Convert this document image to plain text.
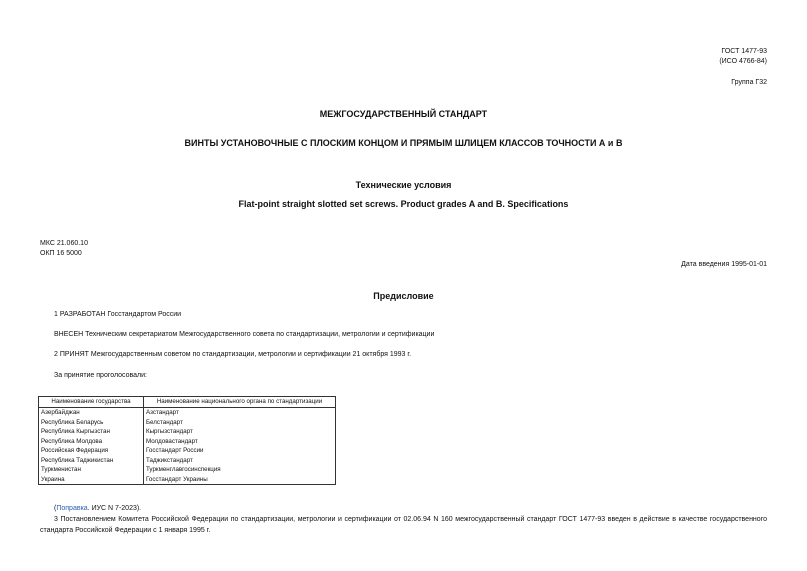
ГОСТ 1477-93
(ИСО 4766-84)
Группа Г32
МЕЖГОСУДАРСТВЕННЫЙ СТАНДАРТ
ВИНТЫ УСТАНОВОЧНЫЕ С ПЛОСКИМ КОНЦОМ И ПРЯМЫМ ШЛИЦЕМ КЛАССОВ ТОЧНОСТИ А и В
Технические условия
Flat-point straight slotted set screws. Product grades A and B. Specifications
МКС 21.060.10
ОКП 16 5000
Дата введения 1995-01-01
Предисловие
1 РАЗРАБОТАН Госстандартом России
ВНЕСЕН Техническим секретариатом Межгосударственного совета по стандартизации, метрологии и сертификации
2 ПРИНЯТ Межгосударственным советом по стандартизации, метрологии и сертификации 21 октября 1993 г.
За принятие проголосовали:
Наименование государства	Наименование национального органа по стандартизации
Азербайджан	Азстандарт
Республика Беларусь	Белстандарт
Республика Кыргызстан	Кыргызстандарт
Республика Молдова	Молдовастандарт
Российская Федерация	Госстандарт России
Республика Таджикистан	Таджикстандарт
Туркменистан	Туркменглавгосинспекция
Украина	Госстандарт Украины
(Поправка. ИУС N 7-2023).
3 Постановлением Комитета Российской Федерации по стандартизации, метрологии и сертификации от 02.06.94 N 160 межгосударственный стандарт ГОСТ 1477-93 введен в действие в качестве государственного стандарта Российской Федерации с 1 января 1995 г.
